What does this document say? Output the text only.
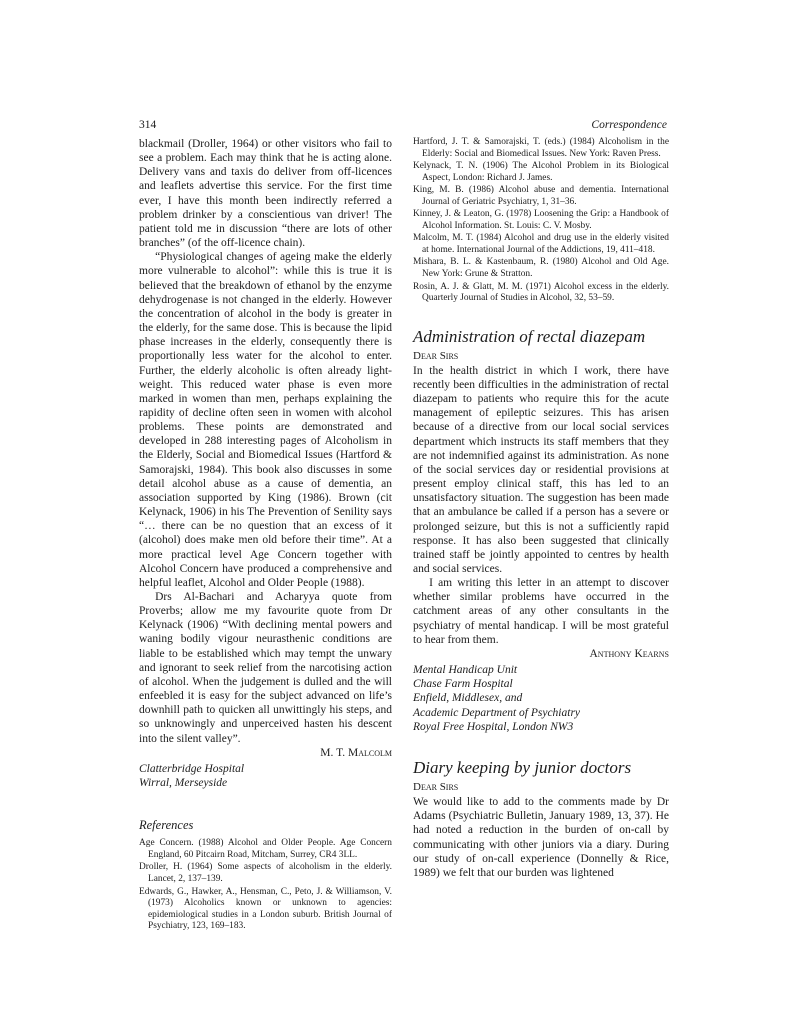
314	Correspondence

blackmail (Droller, 1964) or other visitors who fail to see a problem. Each may think that he is acting alone. Delivery vans and taxis do deliver from off-licences and leaflets advertise this service. For the first time ever, I have this month been indirectly referred a problem drinker by a conscientious van driver! The patient told me in discussion “there are lots of other branches” (of the off-licence chain).

“Physiological changes of ageing make the elderly more vulnerable to alcohol”: while this is true it is believed that the breakdown of ethanol by the enzyme dehydrogenase is not changed in the elderly. However the concentration of alcohol in the body is greater in the elderly, for the same dose. This is because the lipid phase increases in the elderly, consequently there is proportionally less water for the alcohol to enter. Further, the elderly alcoholic is often already light-weight. This reduced water phase is even more marked in women than men, perhaps explaining the rapidity of decline often seen in women with alcohol problems. These points are demonstrated and developed in 288 interesting pages of Alcoholism in the Elderly, Social and Biomedical Issues (Hartford & Samorajski, 1984). This book also discusses in some detail alcohol abuse as a cause of dementia, an association supported by King (1986). Brown (cit Kelynack, 1906) in his The Prevention of Senility says “… there can be no question that an excess of it (alcohol) does make men old before their time”. At a more practical level Age Concern together with Alcohol Concern have produced a comprehensive and helpful leaflet, Alcohol and Older People (1988).

Drs Al-Bachari and Acharyya quote from Proverbs; allow me my favourite quote from Dr Kelynack (1906) “With declining mental powers and waning bodily vigour neurasthenic conditions are liable to be established which may tempt the unwary and ignorant to seek relief from the narcotising action of alcohol. When the judgement is dulled and the will enfeebled it is easy for the subject advanced on life’s downhill path to quicken all unwittingly his steps, and so unknowingly and unperceived hasten his descent into the silent valley”.

M. T. Malcolm

Clatterbridge Hospital

Wirral, Merseyside

References

Age Concern. (1988) Alcohol and Older People. Age Concern England, 60 Pitcairn Road, Mitcham, Surrey, CR4 3LL.

Droller, H. (1964) Some aspects of alcoholism in the elderly. Lancet, 2, 137–139.

Edwards, G., Hawker, A., Hensman, C., Peto, J. & Williamson, V. (1973) Alcoholics known or unknown to agencies: epidemiological studies in a London suburb. British Journal of Psychiatry, 123, 169–183.

Hartford, J. T. & Samorajski, T. (eds.) (1984) Alcoholism in the Elderly: Social and Biomedical Issues. New York: Raven Press.

Kelynack, T. N. (1906) The Alcohol Problem in its Biological Aspect, London: Richard J. James.

King, M. B. (1986) Alcohol abuse and dementia. International Journal of Geriatric Psychiatry, 1, 31–36.

Kinney, J. & Leaton, G. (1978) Loosening the Grip: a Handbook of Alcohol Information. St. Louis: C. V. Mosby.

Malcolm, M. T. (1984) Alcohol and drug use in the elderly visited at home. International Journal of the Addictions, 19, 411–418.

Mishara, B. L. & Kastenbaum, R. (1980) Alcohol and Old Age. New York: Grune & Stratton.

Rosin, A. J. & Glatt, M. M. (1971) Alcohol excess in the elderly. Quarterly Journal of Studies in Alcohol, 32, 53–59.

Administration of rectal diazepam

Dear Sirs

In the health district in which I work, there have recently been difficulties in the administration of rectal diazepam to patients who require this for the acute management of epileptic seizures. This has arisen because of a directive from our local social services department which instructs its staff members that they are not indemnified against its administration. As none of the social services day or residential provisions at present employ clinical staff, this has led to an unsatisfactory situation. The suggestion has been made that an ambulance be called if a person has a severe or prolonged seizure, but this is not a sufficiently rapid response. It has also been suggested that clinically trained staff be jointly appointed to centres by health and social services.

I am writing this letter in an attempt to discover whether similar problems have occurred in the catchment areas of any other consultants in the psychiatry of mental handicap. I will be most grateful to hear from them.

Anthony Kearns

Mental Handicap Unit

Chase Farm Hospital

Enfield, Middlesex, and

Academic Department of Psychiatry

Royal Free Hospital, London NW3

Diary keeping by junior doctors

Dear Sirs

We would like to add to the comments made by Dr Adams (Psychiatric Bulletin, January 1989, 13, 37). He had noted a reduction in the burden of on-call by communicating with other juniors via a diary. During our study of on-call experience (Donnelly & Rice, 1989) we felt that our burden was lightened
